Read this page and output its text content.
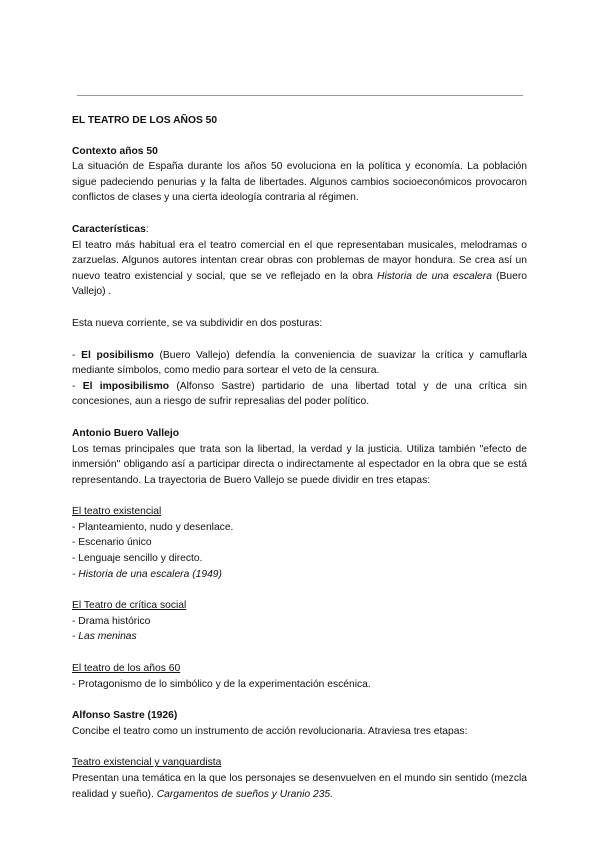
EL TEATRO DE LOS AÑOS 50
Contexto años 50

La situación de España durante los años 50 evoluciona en la política y economía. La población sigue padeciendo penurias y la falta de libertades. Algunos cambios socioeconómicos provocaron conflictos de clases y una cierta ideología contraria al régimen.

Características:

El teatro más habitual era el teatro comercial en el que representaban musicales, melodramas o zarzuelas. Algunos autores intentan crear obras con problemas de mayor hondura. Se crea así un nuevo teatro existencial y social, que se ve reflejado en la obra Historia de una escalera (Buero Vallejo) .

Esta nueva corriente, se va subdividir en dos posturas:

- El posibilismo (Buero Vallejo) defendía la conveniencia de suavizar la crítica y camuflarla mediante símbolos, como medio para sortear el veto de la censura.

- El imposibilismo (Alfonso Sastre) partidario de una libertad total y de una crítica sin concesiones, aun a riesgo de sufrir represalias del poder político.

Antonio Buero Vallejo

Los temas principales que trata son la libertad, la verdad y la justicia. Utiliza también "efecto de inmersión" obligando así a participar directa o indirectamente al espectador en la obra que se está representando. La trayectoria de Buero Vallejo se puede dividir en tres etapas:

El teatro existencial
- Planteamiento, nudo y desenlace.
- Escenario único
- Lenguaje sencillo y directo.
- Historia de una escalera (1949)
El Teatro de crítica social
- Drama histórico
- Las meninas
El teatro de los años 60
- Protagonismo de lo simbólico y de la experimentación escénica.
Alfonso Sastre (1926)

Concibe el teatro como un instrumento de acción revolucionaria. Atraviesa tres etapas:

Teatro existencial y vanguardista

Presentan una temática en la que los personajes se desenvuelven en el mundo sin sentido (mezcla realidad y sueño). Cargamentos de sueños y Uranio 235.
